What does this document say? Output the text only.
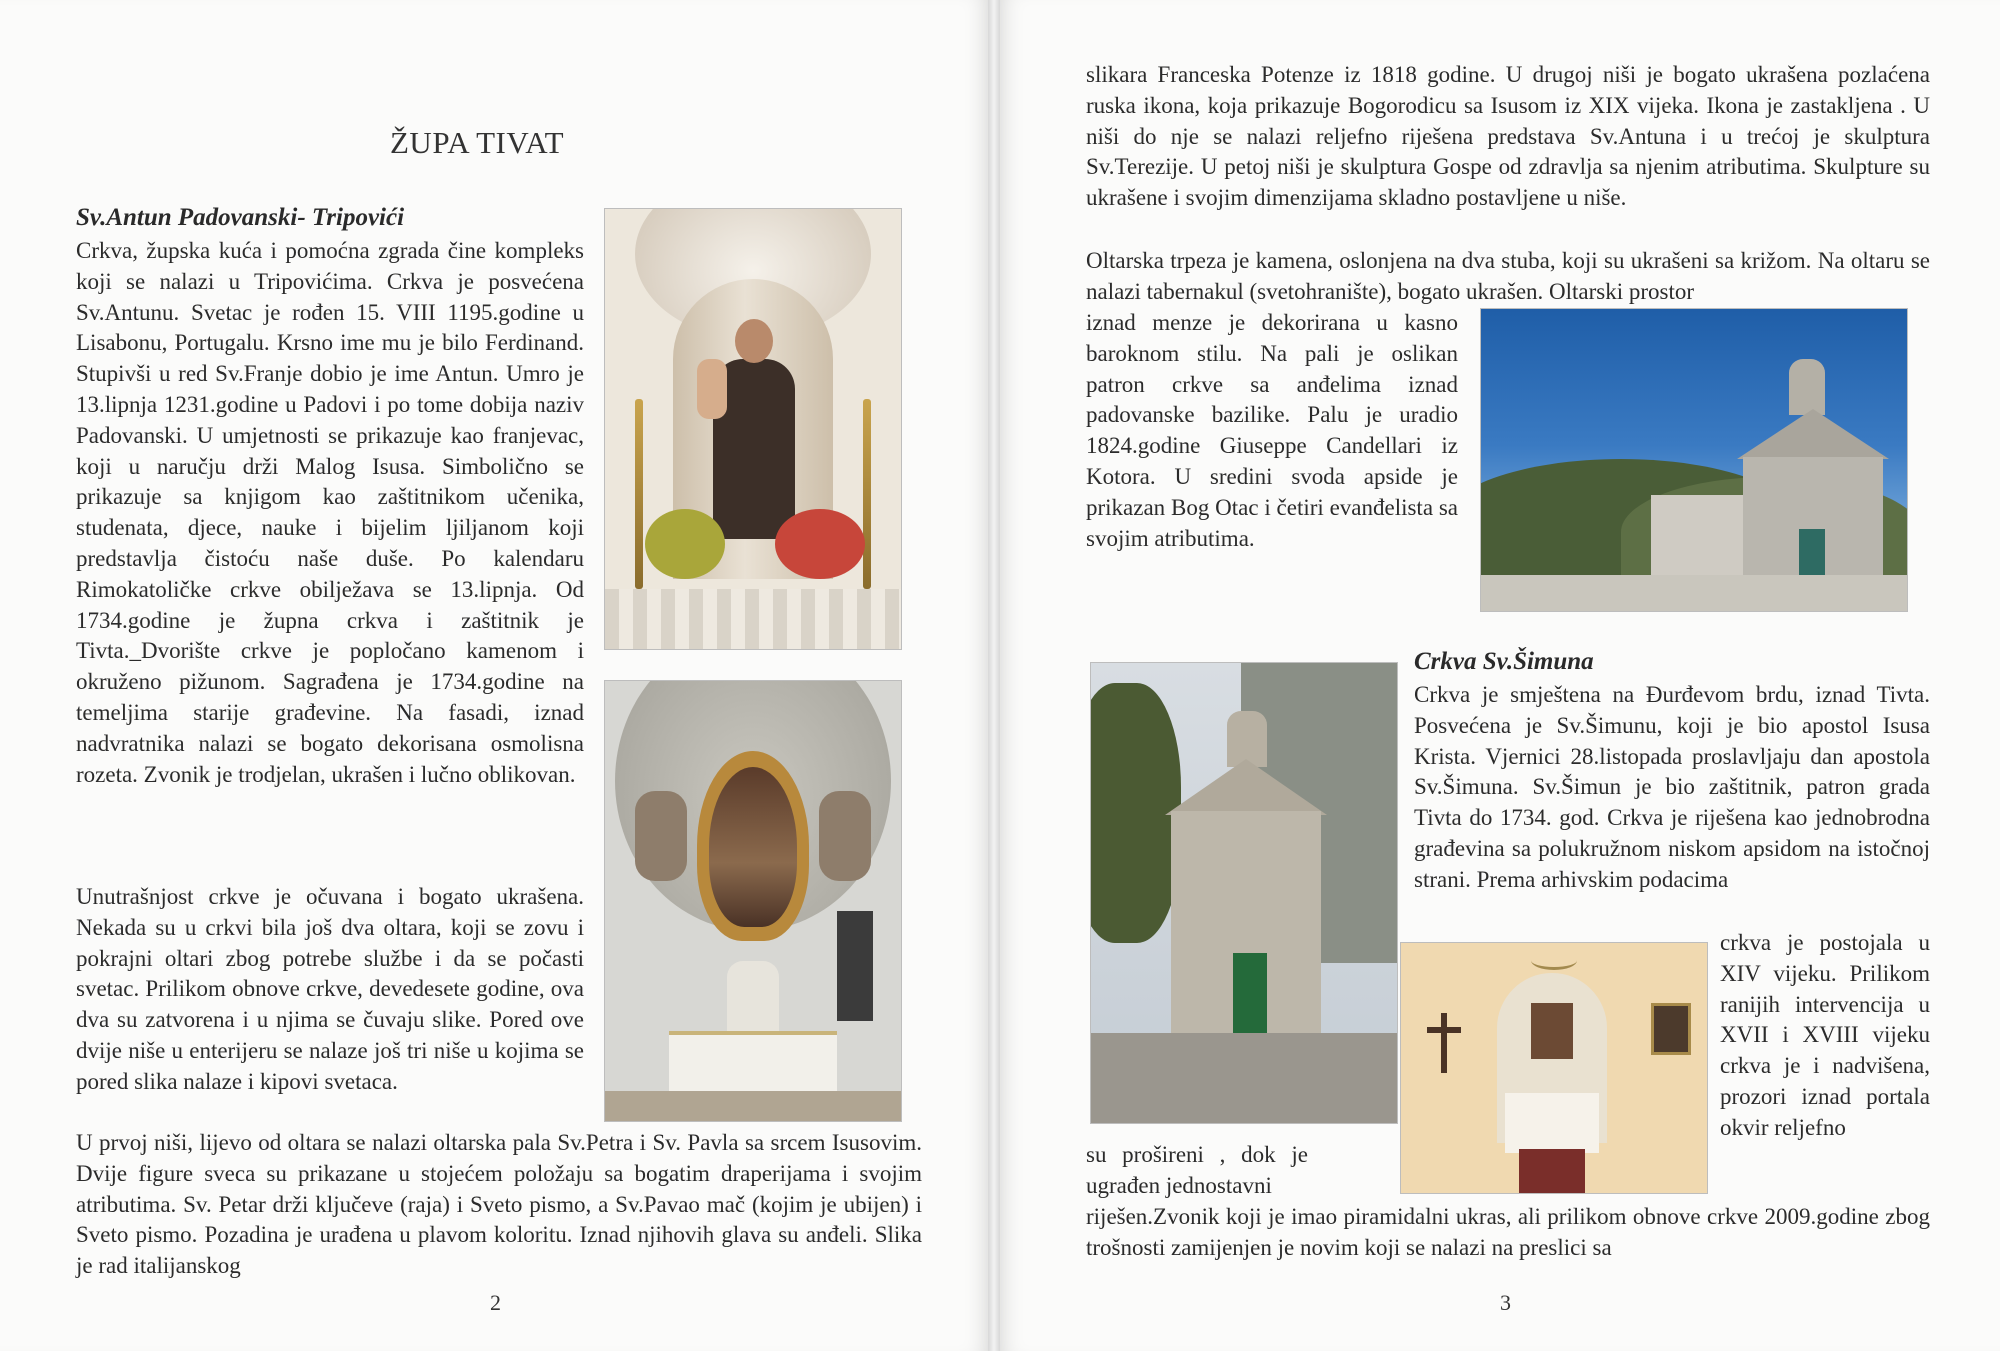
ŽUPA TIVAT
Sv.Antun Padovanski- Tripovići

Crkva, župska kuća i pomoćna zgrada čine kompleks koji se nalazi u Tripovićima. Crkva je posvećena Sv.Antunu. Svetac je rođen 15. VIII 1195.godine u Lisabonu, Portugalu. Krsno ime mu je bilo Ferdinand. Stupivši u red Sv.Franje dobio je ime Antun. Umro je 13.lipnja 1231.godine u Padovi i po tome dobija naziv Padovanski. U umjetnosti se prikazuje kao franjevac, koji u naručju drži Malog Isusa. Simbolično se prikazuje sa knjigom kao zaštitnikom učenika, studenata, djece, nauke i bijelim ljiljanom koji predstavlja čistoću naše duše. Po kalendaru Rimokatoličke crkve obilježava se 13.lipnja. Od 1734.godine je župna crkva i zaštitnik je Tivta._Dvorište crkve je popločano kamenom i okruženo pižunom. Sagrađena je 1734.godine na temeljima starije građevine. Na fasadi, iznad nadvratnika nalazi se bogato dekorisana osmolisna rozeta. Zvonik je trodjelan, ukrašen i lučno oblikovan.

Unutrašnjost crkve je očuvana i bogato ukrašena. Nekada su u crkvi bila još dva oltara, koji se zovu i pokrajni oltari zbog potrebe službe i da se počasti svetac. Prilikom obnove crkve, devedesete godine, ova dva su zatvorena i u njima se čuvaju slike. Pored ove dvije niše u enterijeru se nalaze još tri niše u kojima se pored slika nalaze i kipovi svetaca.

U prvoj niši, lijevo od oltara se nalazi oltarska pala Sv.Petra i Sv. Pavla sa srcem Isusovim. Dvije figure sveca su prikazane u stojećem položaju sa bogatim draperijama i svojim atributima. Sv. Petar drži ključeve (raja) i Sveto pismo, a Sv.Pavao mač (kojim je ubijen) i Sveto pismo. Pozadina je urađena u plavom koloritu. Iznad njihovih glava su anđeli. Slika je rad italijanskog

2

slikara Franceska Potenze iz 1818 godine. U drugoj niši je bogato ukrašena pozlaćena ruska ikona, koja prikazuje Bogorodicu sa Isusom iz XIX vijeka. Ikona je zastakljena . U niši do nje se nalazi reljefno riješena predstava Sv.Antuna i u trećoj je skulptura Sv.Terezije. U petoj niši je skulptura Gospe od zdravlja sa njenim atributima. Skulpture su ukrašene i svojim dimenzijama skladno postavljene u niše.

Oltarska trpeza je kamena, oslonjena na dva stuba, koji su ukrašeni sa križom. Na oltaru se nalazi tabernakul (svetohranište), bogato ukrašen. Oltarski prostor

iznad menze je dekorirana u kasno baroknom stilu. Na pali je oslikan patron crkve sa anđelima iznad padovanske bazilike. Palu je uradio 1824.godine Giuseppe Candellari iz Kotora. U sredini svoda apside je prikazan Bog Otac i četiri evanđelista sa svojim atributima.

Crkva Sv.Šimuna

Crkva je smještena na Đurđevom brdu, iznad Tivta. Posvećena je Sv.Šimunu, koji je bio apostol Isusa Krista. Vjernici 28.listopada proslavljaju dan apostola Sv.Šimuna. Sv.Šimun je bio zaštitnik, patron grada Tivta do 1734. god. Crkva je riješena kao jednobrodna građevina sa polukružnom niskom apsidom na istočnoj strani. Prema arhivskim podacima

crkva je postojala u XIV vijeku. Prilikom ranijih intervencija u XVII i XVIII vijeku crkva je i nadvišena, prozori iznad portala okvir reljefno

su prošireni , dok je ugrađen jednostavni

riješen.Zvonik koji je imao piramidalni ukras, ali prilikom obnove crkve 2009.godine zbog trošnosti zamijenjen je novim koji se nalazi na preslici sa

3
